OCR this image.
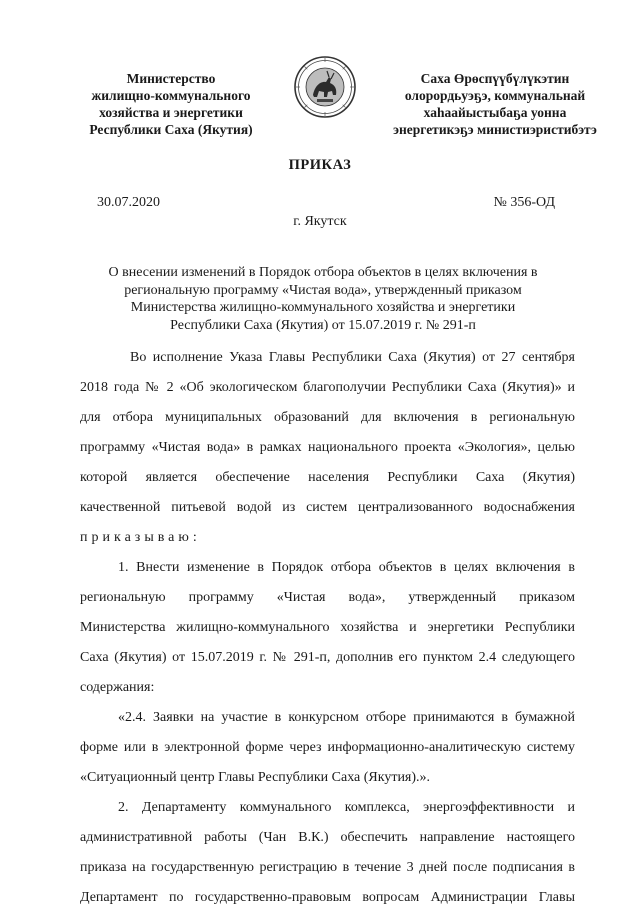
Министерство
жилищно-коммунального
хозяйства и энергетики
Республики Саха (Якутия)
Саха Өрөспүүбүлүкэтин
олорордьуэҕэ, коммунальнай
хаһаайыстыбаҕа уонна
энергетикэҕэ министиэристибэтэ
ПРИКАЗ
30.07.2020	№ 356-ОД
г. Якутск
О внесении изменений в Порядок отбора объектов в целях включения в
региональную программу «Чистая вода», утвержденный приказом
Министерства жилищно-коммунального хозяйства и энергетики
Республики Саха (Якутия) от 15.07.2019 г. № 291-п
Во исполнение Указа Главы Республики Саха (Якутия) от 27 сентября
2018 года № 2 «Об экологическом благополучии Республики Саха (Якутия)» и
для отбора муниципальных образований для включения в региональную
программу «Чистая вода» в рамках национального проекта «Экология», целью
которой является обеспечение населения Республики Саха (Якутия)
качественной питьевой водой из систем централизованного водоснабжения
приказываю:
1. Внести изменение в Порядок отбора объектов в целях включения в
региональную программу «Чистая вода», утвержденный приказом
Министерства жилищно-коммунального хозяйства и энергетики Республики
Саха (Якутия) от 15.07.2019 г. № 291-п, дополнив его пунктом 2.4 следующего
содержания:
«2.4. Заявки на участие в конкурсном отборе принимаются в бумажной
форме или в электронной форме через информационно-аналитическую систему
«Ситуационный центр Главы Республики Саха (Якутия).».
2. Департаменту коммунального комплекса, энергоэффективности и
административной работы (Чан В.К.) обеспечить направление настоящего
приказа на государственную регистрацию в течение 3 дней после подписания в
Департамент по государственно-правовым вопросам Администрации Главы
